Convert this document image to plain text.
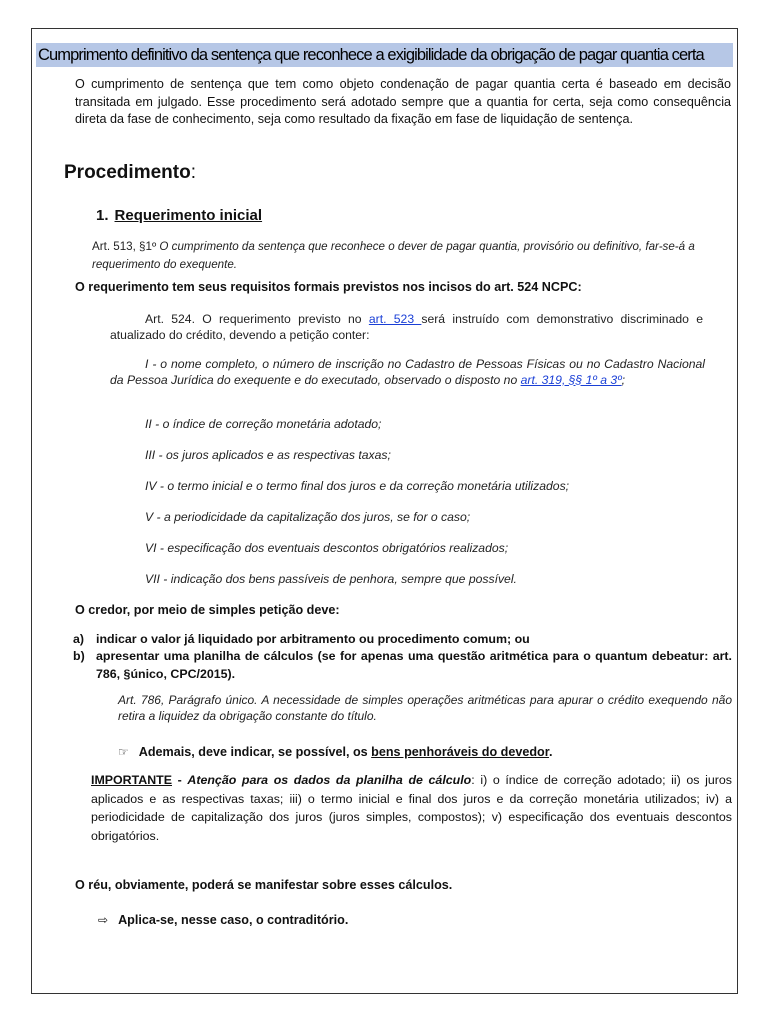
Cumprimento definitivo da sentença que reconhece a exigibilidade da obrigação de pagar quantia certa
O cumprimento de sentença que tem como objeto condenação de pagar quantia certa é baseado em decisão transitada em julgado. Esse procedimento será adotado sempre que a quantia for certa, seja como consequência direta da fase de conhecimento, seja como resultado da fixação em fase de liquidação de sentença.
Procedimento:
1. Requerimento inicial
Art. 513, §1º O cumprimento da sentença que reconhece o dever de pagar quantia, provisório ou definitivo, far-se-á a requerimento do exequente.
O requerimento tem seus requisitos formais previstos nos incisos do art. 524 NCPC:
Art. 524. O requerimento previsto no art. 523 será instruído com demonstrativo discriminado e atualizado do crédito, devendo a petição conter:
I - o nome completo, o número de inscrição no Cadastro de Pessoas Físicas ou no Cadastro Nacional da Pessoa Jurídica do exequente e do executado, observado o disposto no art. 319, §§ 1º a 3º;
II - o índice de correção monetária adotado;
III - os juros aplicados e as respectivas taxas;
IV - o termo inicial e o termo final dos juros e da correção monetária utilizados;
V - a periodicidade da capitalização dos juros, se for o caso;
VI - especificação dos eventuais descontos obrigatórios realizados;
VII - indicação dos bens passíveis de penhora, sempre que possível.
O credor, por meio de simples petição deve:
a) indicar o valor já liquidado por arbitramento ou procedimento comum; ou
b) apresentar uma planilha de cálculos (se for apenas uma questão aritmética para o quantum debeatur: art. 786, §único, CPC/2015).
Art. 786, Parágrafo único. A necessidade de simples operações aritméticas para apurar o crédito exequendo não retira a liquidez da obrigação constante do título.
☞ Ademais, deve indicar, se possível, os bens penhoráveis do devedor.
IMPORTANTE - Atenção para os dados da planilha de cálculo: i) o índice de correção adotado; ii) os juros aplicados e as respectivas taxas; iii) o termo inicial e final dos juros e da correção monetária utilizados; iv) a periodicidade de capitalização dos juros (juros simples, compostos); v) especificação dos eventuais descontos obrigatórios.
O réu, obviamente, poderá se manifestar sobre esses cálculos.
⇨ Aplica-se, nesse caso, o contraditório.
